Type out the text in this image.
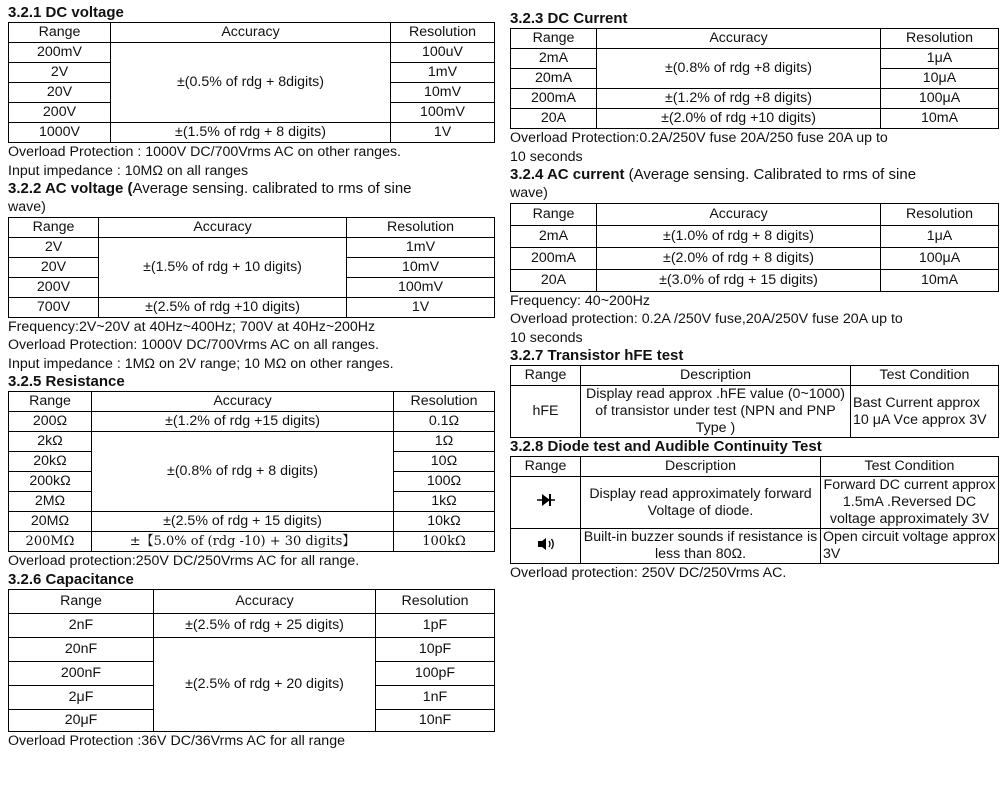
3.2.1 DC voltage
Range	Accuracy	Resolution
200mV	±(0.5% of rdg + 8digits)	100uV
2V		1mV
20V		10mV
200V		100mV
1000V	±(1.5% of rdg + 8 digits)	1V

Overload Protection : 1000V DC/700Vrms AC on other ranges.

Input impedance : 10MΩ on all ranges

3.2.2 AC voltage (Average sensing. calibrated to rms of sine

wave)

Range	Accuracy	Resolution
2V	±(1.5% of rdg + 10 digits)	1mV
20V		10mV
200V		100mV
700V	±(2.5% of rdg +10 digits)	1V

Frequency:2V~20V at 40Hz~400Hz; 700V at 40Hz~200Hz

Overload Protection: 1000V DC/700Vrms AC on all ranges.

Input impedance : 1MΩ on 2V range; 10 MΩ on other ranges.

3.2.5 Resistance
Range	Accuracy	Resolution
200Ω	±(1.2% of rdg +15 digits)	0.1Ω
2kΩ	±(0.8% of rdg + 8 digits)	1Ω
20kΩ		10Ω
200kΩ		100Ω
2MΩ		1kΩ
20MΩ	±(2.5% of rdg + 15 digits)	10kΩ
200MΩ	±【5.0% of (rdg -10) + 30 digits】	100kΩ

Overload protection:250V DC/250Vrms AC for all range.

3.2.6 Capacitance
Range	Accuracy	Resolution
2nF	±(2.5% of rdg + 25 digits)	1pF
20nF	±(2.5% of rdg + 20 digits)	10pF
200nF		100pF
2μF		1nF
20μF		10nF

Overload Protection :36V DC/36Vrms AC for all range

3.2.3 DC Current
Range	Accuracy	Resolution
2mA	±(0.8% of rdg +8 digits)	1μA
20mA		10μA
200mA	±(1.2% of rdg +8 digits)	100μA
20A	±(2.0% of rdg +10 digits)	10mA

Overload Protection:0.2A/250V fuse 20A/250 fuse 20A up to

10 seconds

3.2.4 AC current (Average sensing. Calibrated to rms of sine

wave)

Range	Accuracy	Resolution
2mA	±(1.0% of rdg + 8 digits)	1μA
200mA	±(2.0% of rdg + 8 digits)	100μA
20A	±(3.0% of rdg + 15 digits)	10mA

Frequency: 40~200Hz

Overload protection: 0.2A /250V fuse,20A/250V fuse 20A up to

10 seconds

3.2.7 Transistor hFE test
Range	Description	Test Condition
hFE	Display read approx .hFE value (0~1000) of transistor under test (NPN and PNP Type )	Bast Current approx 10 μA Vce approx 3V
3.2.8 Diode test and Audible Continuity Test
Range	Description	Test Condition
	Display read approximately forward Voltage of diode.	Forward DC current approx 1.5mA .Reversed DC voltage approximately 3V
	Built-in buzzer sounds if resistance is less than 80Ω.	Open circuit voltage approx 3V

Overload protection: 250V DC/250Vrms AC.
